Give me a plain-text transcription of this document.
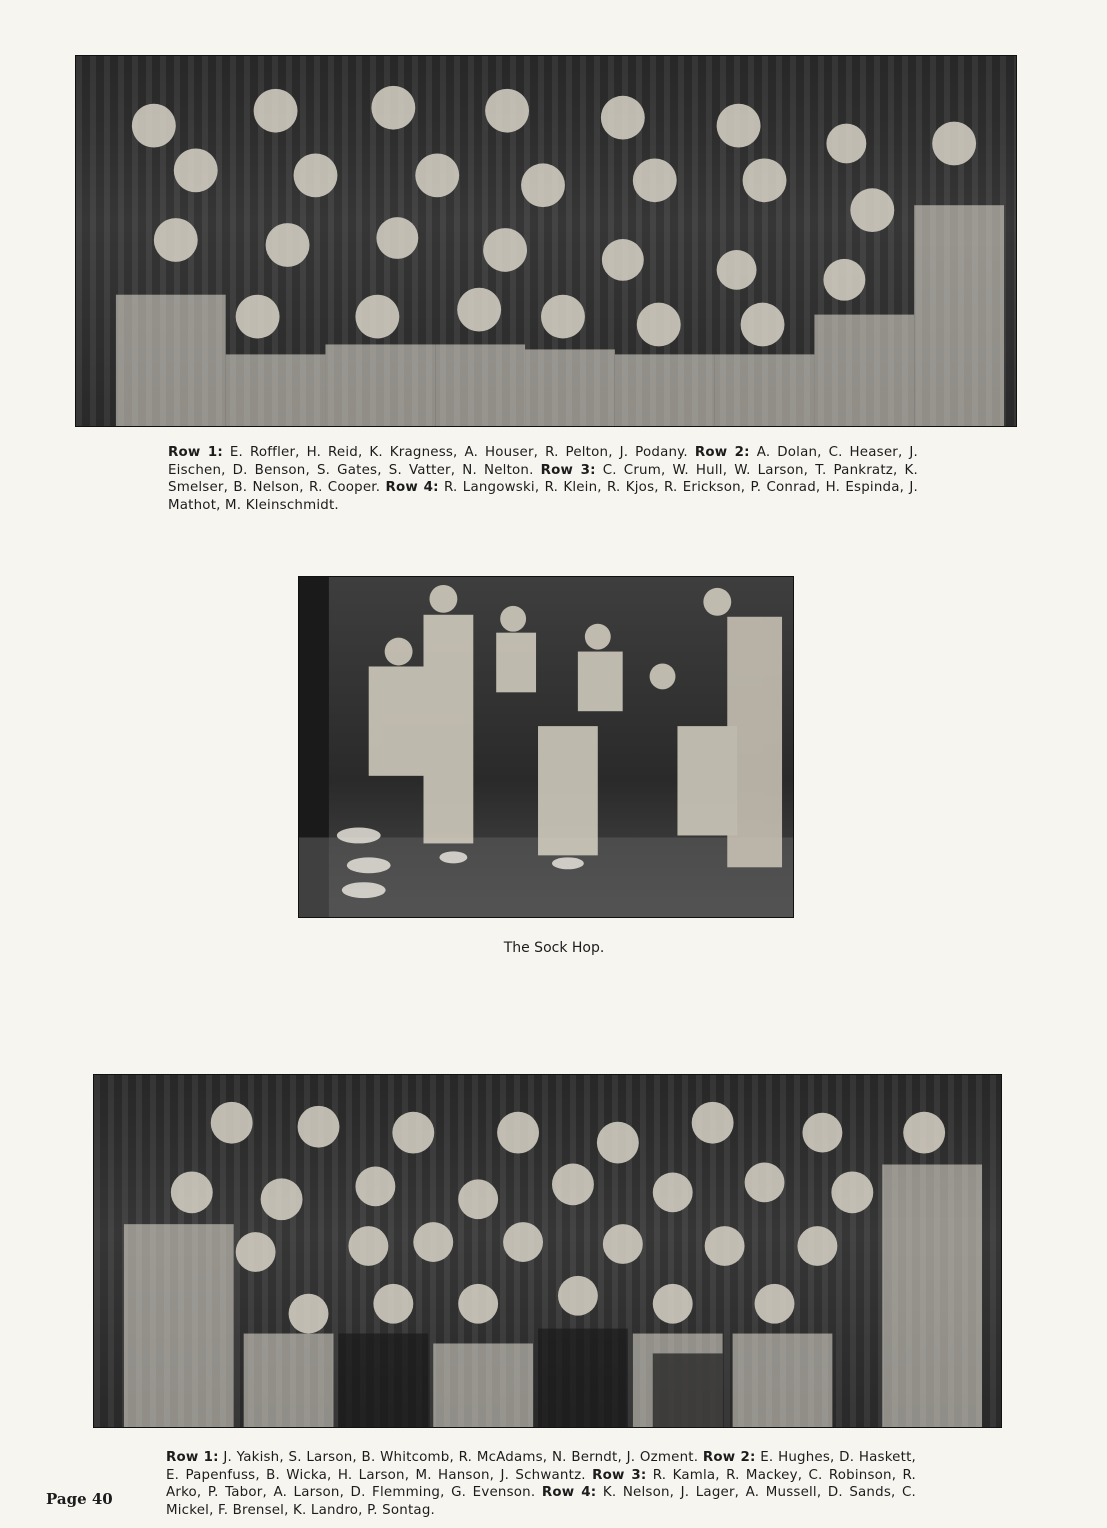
Row 1: E. Roffler, H. Reid, K. Kragness, A. Houser, R. Pelton, J. Podany. Row 2: A. Dolan, C. Heaser, J. Eischen, D. Benson, S. Gates, S. Vatter, N. Nelton. Row 3: C. Crum, W. Hull, W. Larson, T. Pankratz, K. Smelser, B. Nelson, R. Cooper. Row 4: R. Langowski, R. Klein, R. Kjos, R. Erickson, P. Conrad, H. Espinda, J. Mathot, M. Kleinschmidt.
The Sock Hop.
Row 1: J. Yakish, S. Larson, B. Whitcomb, R. McAdams, N. Berndt, J. Ozment. Row 2: E. Hughes, D. Haskett, E. Papenfuss, B. Wicka, H. Larson, M. Hanson, J. Schwantz. Row 3: R. Kamla, R. Mackey, C. Robinson, R. Arko, P. Tabor, A. Larson, D. Flemming, G. Evenson. Row 4: K. Nelson, J. Lager, A. Mussell, D. Sands, C. Mickel, F. Brensel, K. Landro, P. Sontag.
Page 40
